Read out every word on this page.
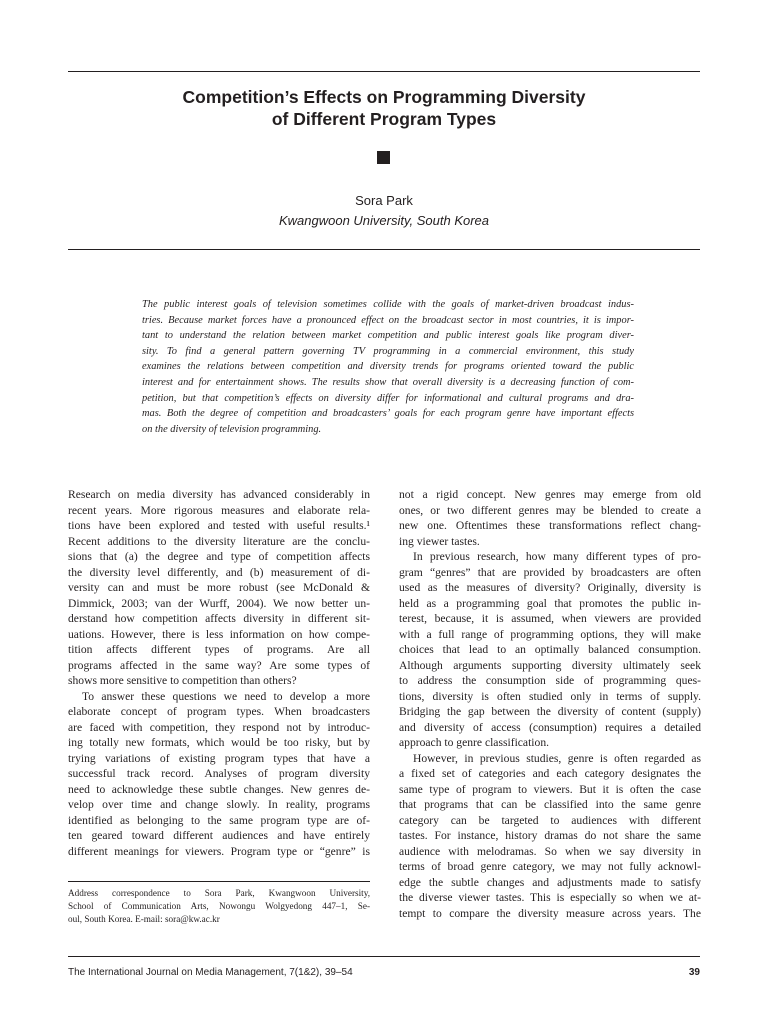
Competition’s Effects on Programming Diversity
of Different Program Types
Sora Park
Kwangwoon University, South Korea
The public interest goals of television sometimes collide with the goals of market-driven broadcast indus-
tries. Because market forces have a pronounced effect on the broadcast sector in most countries, it is impor-
tant to understand the relation between market competition and public interest goals like program diver-
sity. To find a general pattern governing TV programming in a commercial environment, this study
examines the relations between competition and diversity trends for programs oriented toward the public
interest and for entertainment shows. The results show that overall diversity is a decreasing function of com-
petition, but that competition’s effects on diversity differ for informational and cultural programs and dra-
mas. Both the degree of competition and broadcasters’ goals for each program genre have important effects
on the diversity of television programming.
Research on media diversity has advanced considerably in
recent years. More rigorous measures and elaborate rela-
tions have been explored and tested with useful results.¹
Recent additions to the diversity literature are the conclu-
sions that (a) the degree and type of competition affects
the diversity level differently, and (b) measurement of di-
versity can and must be more robust (see McDonald &
Dimmick, 2003; van der Wurff, 2004). We now better un-
derstand how competition affects diversity in different sit-
uations. However, there is less information on how compe-
tition affects different types of programs. Are all
programs affected in the same way? Are some types of
shows more sensitive to competition than others?
To answer these questions we need to develop a more
elaborate concept of program types. When broadcasters
are faced with competition, they respond not by introduc-
ing totally new formats, which would be too risky, but by
trying variations of existing program types that have a
successful track record. Analyses of program diversity
need to acknowledge these subtle changes. New genres de-
velop over time and change slowly. In reality, programs
identified as belonging to the same program type are of-
ten geared toward different audiences and have entirely
different meanings for viewers. Program type or “genre” is
not a rigid concept. New genres may emerge from old
ones, or two different genres may be blended to create a
new one. Oftentimes these transformations reflect chang-
ing viewer tastes.
In previous research, how many different types of pro-
gram “genres” that are provided by broadcasters are often
used as the measures of diversity? Originally, diversity is
held as a programming goal that promotes the public in-
terest, because, it is assumed, when viewers are provided
with a full range of programming options, they will make
choices that lead to an optimally balanced consumption.
Although arguments supporting diversity ultimately seek
to address the consumption side of programming ques-
tions, diversity is often studied only in terms of supply.
Bridging the gap between the diversity of content (supply)
and diversity of access (consumption) requires a detailed
approach to genre classification.
However, in previous studies, genre is often regarded as
a fixed set of categories and each category designates the
same type of program to viewers. But it is often the case
that programs that can be classified into the same genre
category can be targeted to audiences with different
tastes. For instance, history dramas do not share the same
audience with melodramas. So when we say diversity in
terms of broad genre category, we may not fully acknowl-
edge the subtle changes and adjustments made to satisfy
the diverse viewer tastes. This is especially so when we at-
tempt to compare the diversity measure across years. The
Address correspondence to Sora Park, Kwangwoon University,
School of Communication Arts, Nowongu Wolgyedong 447–1, Se-
oul, South Korea. E-mail: sora@kw.ac.kr
The International Journal on Media Management, 7(1&2), 39–54	39
